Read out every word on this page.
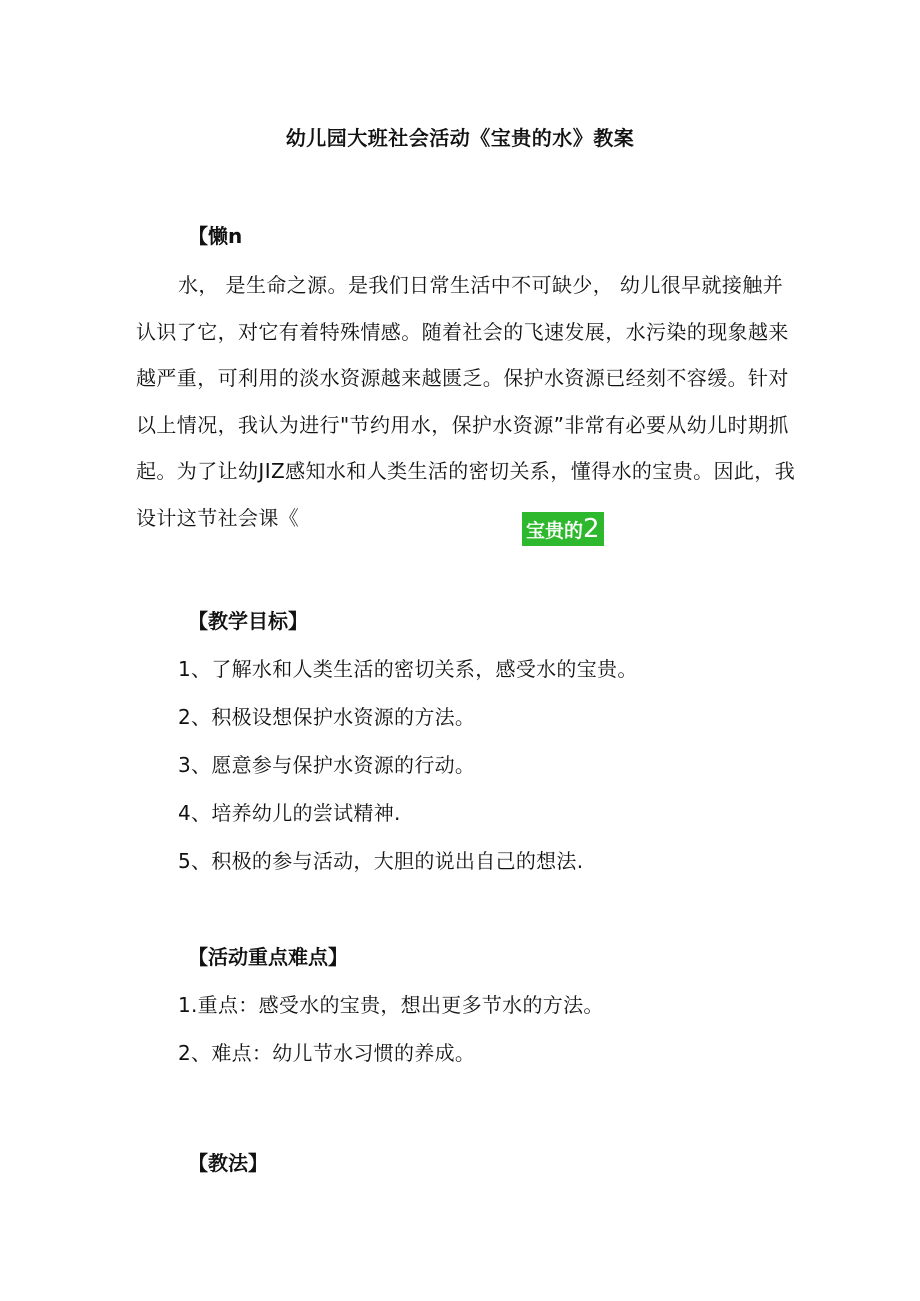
幼儿园大班社会活动《宝贵的水》教案
【懒n
水， 是生命之源。是我们日常生活中不可缺少， 幼儿很早就接触并
认识了它，对它有着特殊情感。随着社会的飞速发展，水污染的现象越来
越严重，可利用的淡水资源越来越匮乏。保护水资源已经刻不容缓。针对
以上情况，我认为进行"节约用水，保护水资源”非常有必要从幼儿时期抓
起。为了让幼JIZ感知水和人类生活的密切关系，懂得水的宝贵。因此，我
设计这节社会课《
宝贵的2
【教学目标】
1、了解水和人类生活的密切关系，感受水的宝贵。
2、积极设想保护水资源的方法。
3、愿意参与保护水资源的行动。
4、培养幼儿的尝试精神.
5、积极的参与活动，大胆的说出自己的想法.
【活动重点难点】
1.重点：感受水的宝贵，想出更多节水的方法。
2、难点：幼儿节水习惯的养成。
【教法】
